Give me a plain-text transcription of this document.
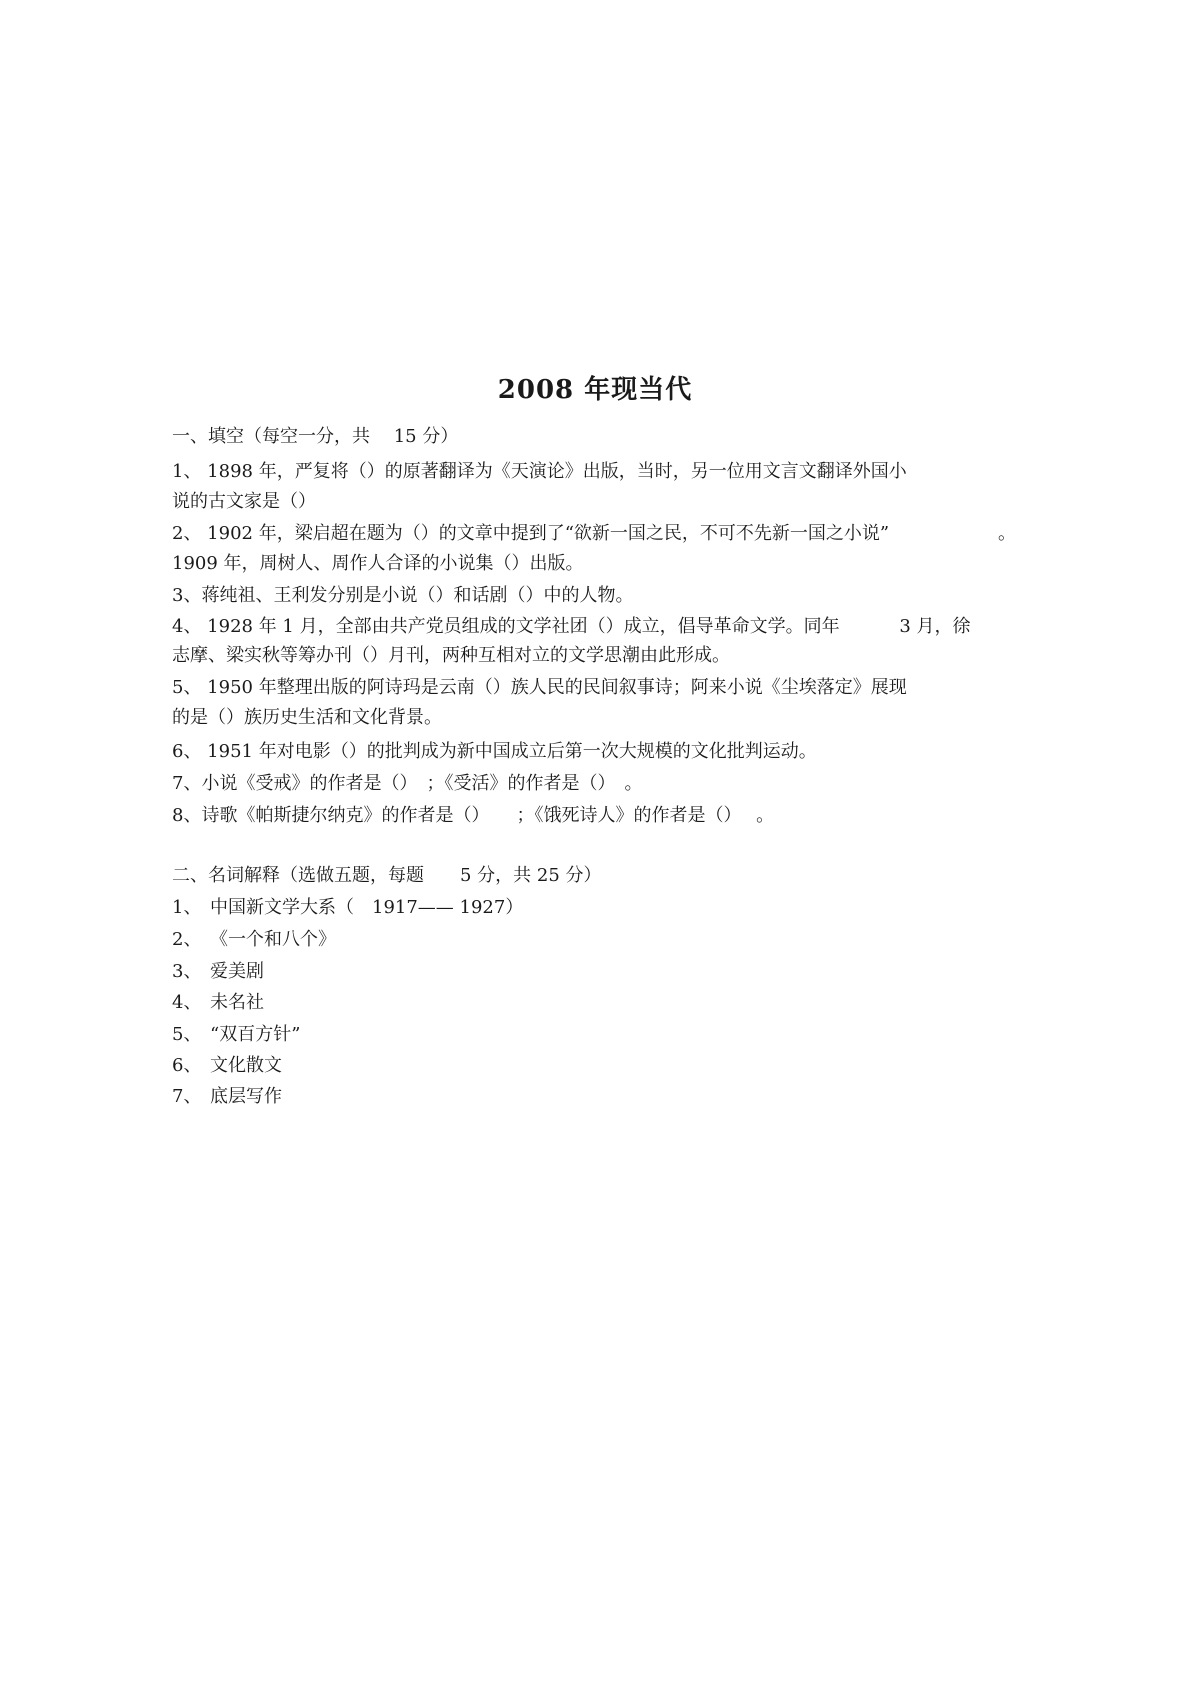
2008 年现当代
一、填空（每空一分，共　 15 分）
1、 1898 年，严复将（）的原著翻译为《天演论》出版，当时，另一位用文言文翻译外国小
说的古文家是（）
2、 1902 年，梁启超在题为（）的文章中提到了“欲新一国之民，不可不先新一国之小说”	。
1909 年，周树人、周作人合译的小说集（）出版。
3、蒋纯祖、王利发分别是小说（）和话剧（）中的人物。
4、 1928 年 1 月，全部由共产党员组成的文学社团（）成立，倡导革命文学。同年　　　 3 月，徐
志摩、梁实秋等筹办刊（）月刊，两种互相对立的文学思潮由此形成。
5、 1950 年整理出版的阿诗玛是云南（）族人民的民间叙事诗；阿来小说《尘埃落定》展现
的是（）族历史生活和文化背景。
6、 1951 年对电影（）的批判成为新中国成立后第一次大规模的文化批判运动。
7、小说《受戒》的作者是（）　；《受活》的作者是（）　。
8、诗歌《帕斯捷尔纳克》的作者是（）　　；《饿死诗人》的作者是（）　 。
二、名词解释（选做五题，每题　　5 分，共 25 分）
1、 中国新文学大系（　1917—— 1927）
2、 《一个和八个》
3、 爱美剧
4、 未名社
5、 “双百方针”
6、 文化散文
7、 底层写作
